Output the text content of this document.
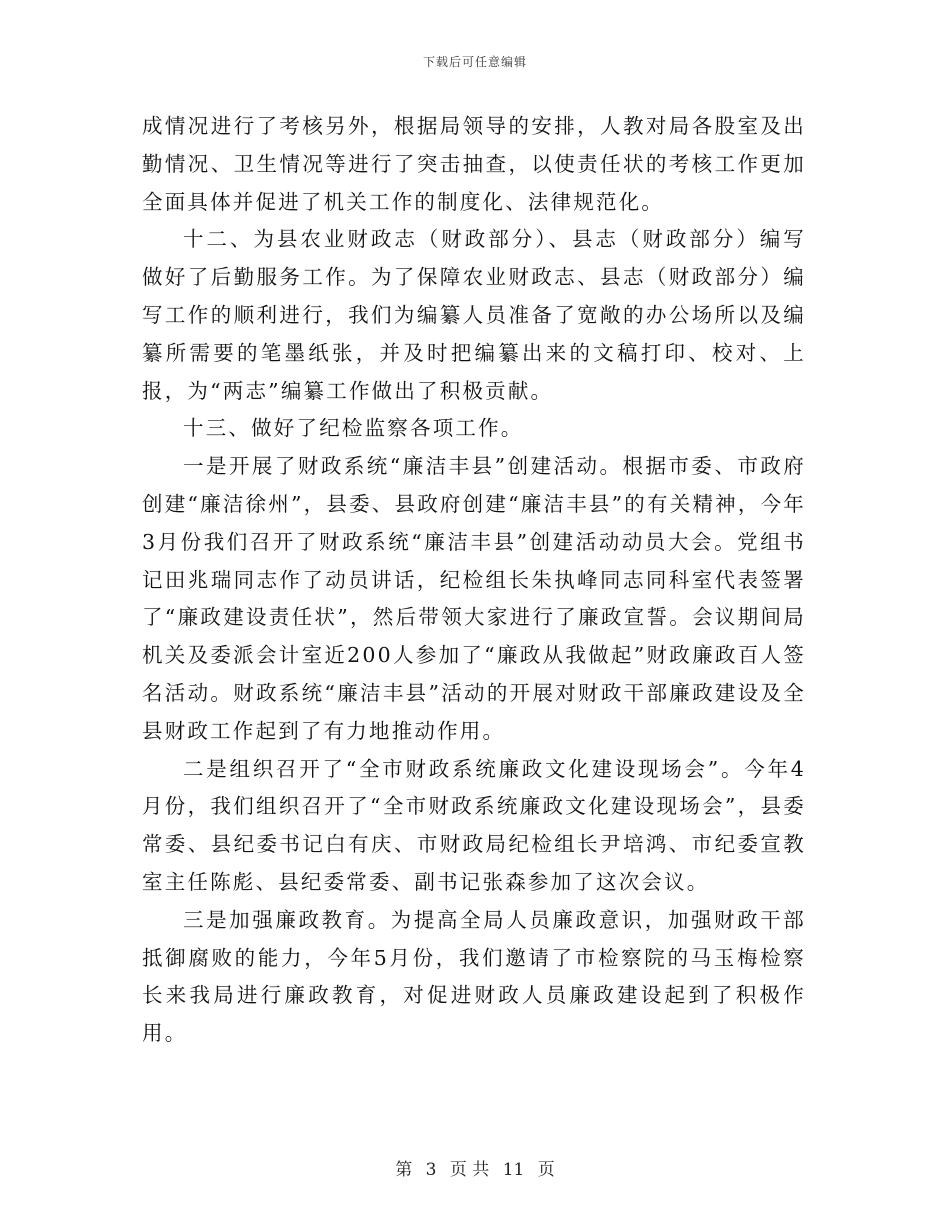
下载后可任意编辑

成情况进行了考核另外，根据局领导的安排，人教对局各股室及出勤情况、卫生情况等进行了突击抽查，以使责任状的考核工作更加全面具体并促进了机关工作的制度化、法律规范化。

十二、为县农业财政志（财政部分）、县志（财政部分）编写做好了后勤服务工作。为了保障农业财政志、县志（财政部分）编写工作的顺利进行，我们为编纂人员准备了宽敞的办公场所以及编纂所需要的笔墨纸张，并及时把编纂出来的文稿打印、校对、上报，为“两志”编纂工作做出了积极贡献。

十三、做好了纪检监察各项工作。

一是开展了财政系统“廉洁丰县”创建活动。根据市委、市政府创建“廉洁徐州”，县委、县政府创建“廉洁丰县”的有关精神，今年3月份我们召开了财政系统“廉洁丰县”创建活动动员大会。党组书记田兆瑞同志作了动员讲话，纪检组长朱执峰同志同科室代表签署了“廉政建设责任状”，然后带领大家进行了廉政宣誓。会议期间局机关及委派会计室近200人参加了“廉政从我做起”财政廉政百人签名活动。财政系统“廉洁丰县”活动的开展对财政干部廉政建设及全县财政工作起到了有力地推动作用。

二是组织召开了“全市财政系统廉政文化建设现场会”。今年4月份，我们组织召开了“全市财政系统廉政文化建设现场会”，县委常委、县纪委书记白有庆、市财政局纪检组长尹培鸿、市纪委宣教室主任陈彪、县纪委常委、副书记张森参加了这次会议。

三是加强廉政教育。为提高全局人员廉政意识，加强财政干部抵御腐败的能力，今年5月份，我们邀请了市检察院的马玉梅检察长来我局进行廉政教育，对促进财政人员廉政建设起到了积极作用。

第 3 页 共 11 页
